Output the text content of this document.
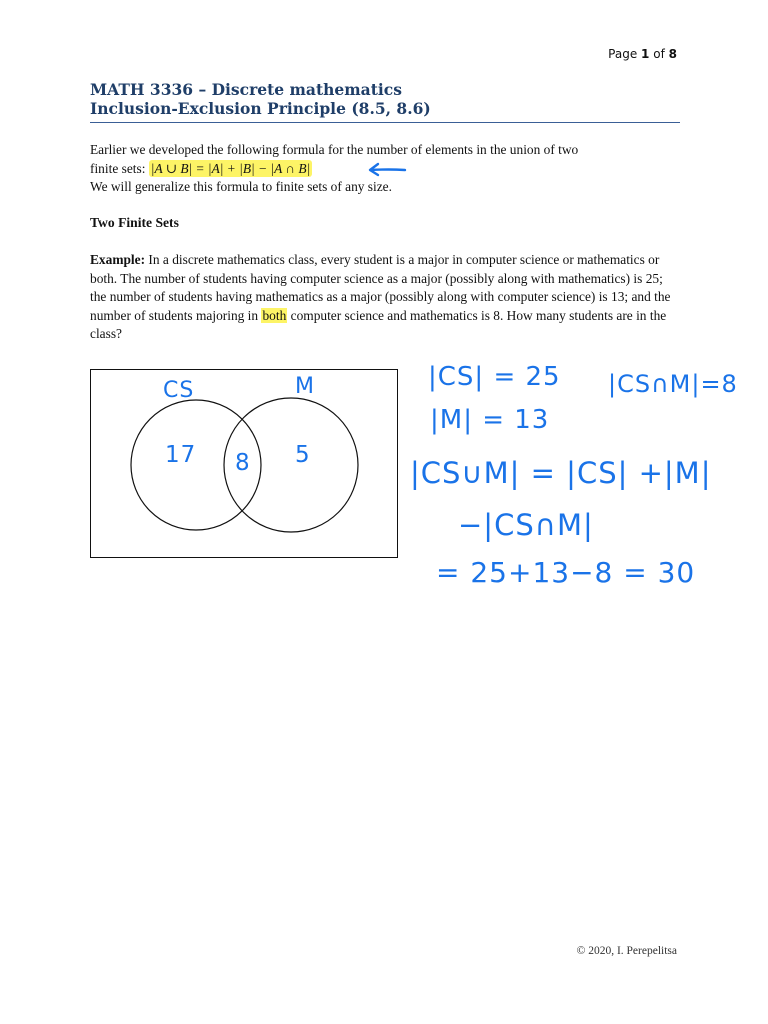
Page 1 of 8
MATH 3336 – Discrete mathematics
Inclusion-Exclusion Principle (8.5, 8.6)
Earlier we developed the following formula for the number of elements in the union of two
finite sets: |A ∪ B| = |A| + |B| − |A ∩ B|
We will generalize this formula to finite sets of any size.
Two Finite Sets
Example: In a discrete mathematics class, every student is a major in computer science or mathematics or both. The number of students having computer science as a major (possibly along with mathematics) is 25; the number of students having mathematics as a major (possibly along with computer science) is 13; and the number of students majoring in both computer science and mathematics is 8. How many students are in the class?
CS	M
17 8 5
|CS| = 25 |CS∩M|=8
|M| = 13
|CS∪M| = |CS| +|M|
−|CS∩M|
= 25+13−8 = 30
© 2020, I. Perepelitsa
